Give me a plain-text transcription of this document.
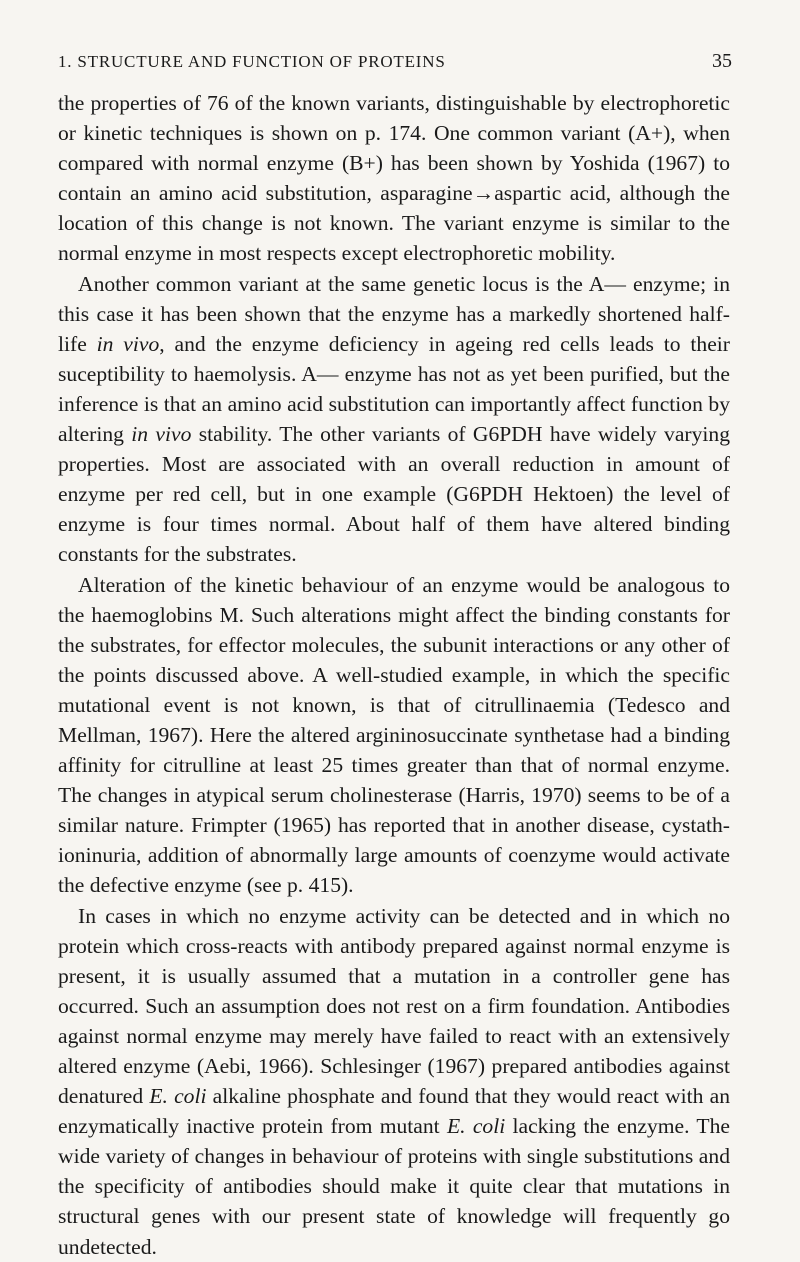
1. STRUCTURE AND FUNCTION OF PROTEINS	35

the properties of 76 of the known variants, distinguishable by electrophoretic or kinetic techniques is shown on p. 174. One common variant (A+), when compared with normal enzyme (B+) has been shown by Yoshida (1967) to contain an amino acid substitution, asparagine→aspartic acid, although the location of this change is not known. The variant enzyme is similar to the normal enzyme in most respects except electrophoretic mobility.

Another common variant at the same genetic locus is the A— enzyme; in this case it has been shown that the enzyme has a markedly shortened half-life in vivo, and the enzyme deficiency in ageing red cells leads to their suceptibility to haemolysis. A— enzyme has not as yet been purified, but the inference is that an amino acid substitution can importantly affect function by altering in vivo stability. The other variants of G6PDH have widely varying properties. Most are associated with an overall reduction in amount of enzyme per red cell, but in one example (G6PDH Hektoen) the level of enzyme is four times normal. About half of them have altered binding constants for the substrates.

Alteration of the kinetic behaviour of an enzyme would be analogous to the haemoglobins M. Such alterations might affect the binding constants for the substrates, for effector molecules, the subunit interactions or any other of the points discussed above. A well-studied example, in which the specific mutational event is not known, is that of citrullinaemia (Tedesco and Mellman, 1967). Here the altered argininosuccinate synthetase had a binding affinity for citrulline at least 25 times greater than that of normal enzyme. The changes in atypical serum cholinesterase (Harris, 1970) seems to be of a similar nature. Frimpter (1965) has reported that in another disease, cystathioninuria, addition of abnormally large amounts of coenzyme would activate the defective enzyme (see p. 415).

In cases in which no enzyme activity can be detected and in which no protein which cross-reacts with antibody prepared against normal enzyme is present, it is usually assumed that a mutation in a controller gene has occurred. Such an assumption does not rest on a firm foundation. Antibodies against normal enzyme may merely have failed to react with an extensively altered enzyme (Aebi, 1966). Schlesinger (1967) prepared antibodies against denatured E. coli alkaline phosphate and found that they would react with an enzymatically inactive protein from mutant E. coli lacking the enzyme. The wide variety of changes in behaviour of proteins with single substitutions and the specificity of antibodies should make it quite clear that mutations in structural genes with our present state of knowledge will frequently go undetected.
